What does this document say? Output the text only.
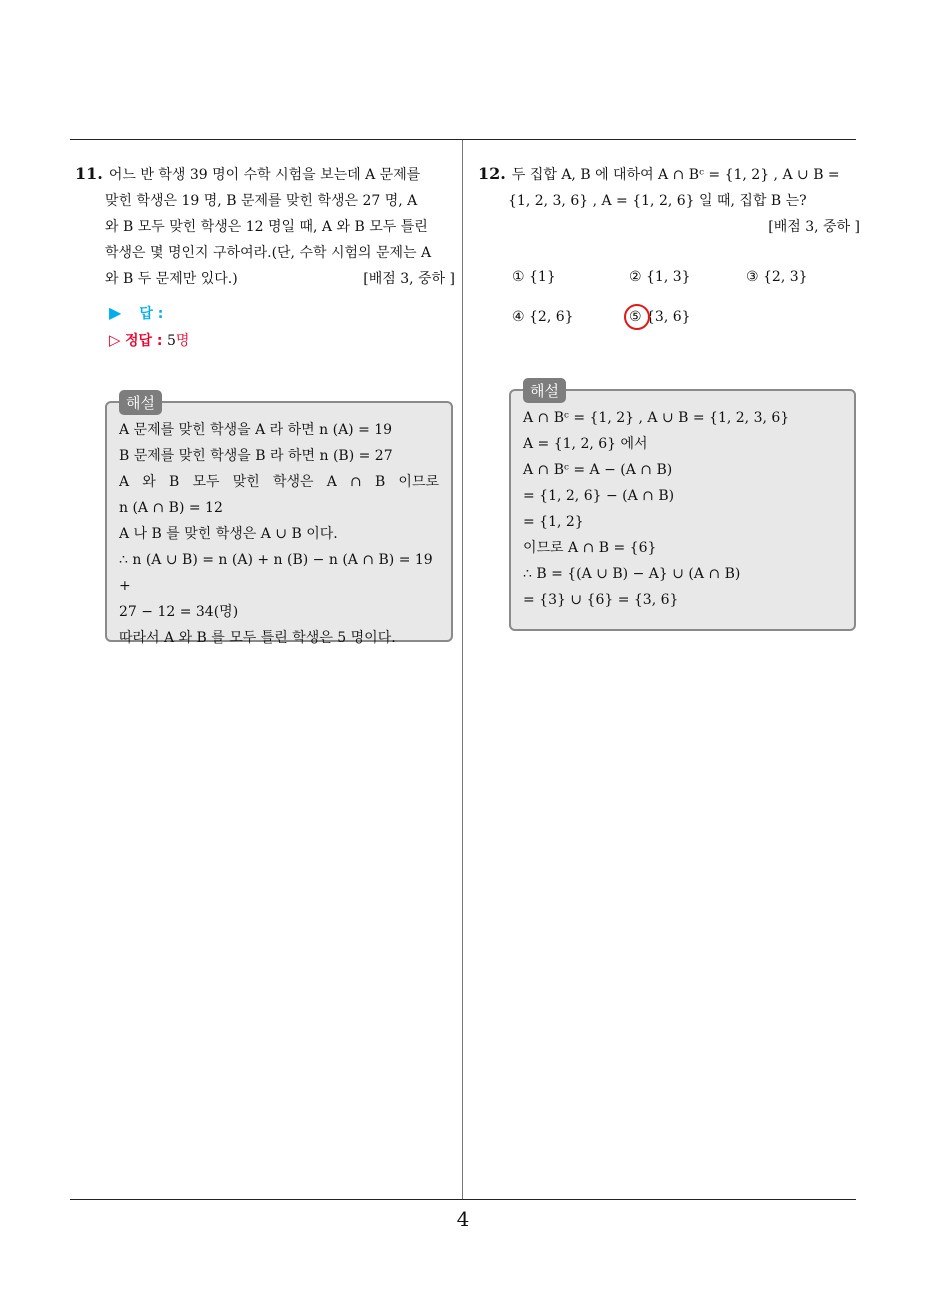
11. 어느 반 학생 39 명이 수학 시험을 보는데 A 문제를
맞힌 학생은 19 명, B 문제를 맞힌 학생은 27 명, A
와 B 모두 맞힌 학생은 12 명일 때, A 와 B 모두 틀린
학생은 몇 명인지 구하여라.(단, 수학 시험의 문제는 A
와 B 두 문제만 있다.)	[배점 3, 중하 ]
▶ 답 :
▷ 정답 : 5명
해설
A 문제를 맞힌 학생을 A 라 하면 n (A) = 19
B 문제를 맞힌 학생을 B 라 하면 n (B) = 27
A 와 B 모두 맞힌 학생은 A ∩ B 이므로
n (A ∩ B) = 12
A 나 B 를 맞힌 학생은 A ∪ B 이다.
∴ n (A ∪ B) = n (A) + n (B) − n (A ∩ B) = 19 +
27 − 12 = 34(명)
따라서 A 와 B 를 모두 틀린 학생은 5 명이다.
12. 두 집합 A, B 에 대하여 A ∩ Bᶜ = {1, 2} , A ∪ B =
{1, 2, 3, 6} , A = {1, 2, 6} 일 때, 집합 B 는?
[배점 3, 중하 ]
① {1}	② {1, 3}	③ {2, 3}
④ {2, 6}	⑤ {3, 6}
해설
A ∩ Bᶜ = {1, 2} , A ∪ B = {1, 2, 3, 6}
A = {1, 2, 6} 에서
A ∩ Bᶜ = A − (A ∩ B)
= {1, 2, 6} − (A ∩ B)
= {1, 2}
이므로 A ∩ B = {6}
∴ B = {(A ∪ B) − A} ∪ (A ∩ B)
= {3} ∪ {6} = {3, 6}
4
